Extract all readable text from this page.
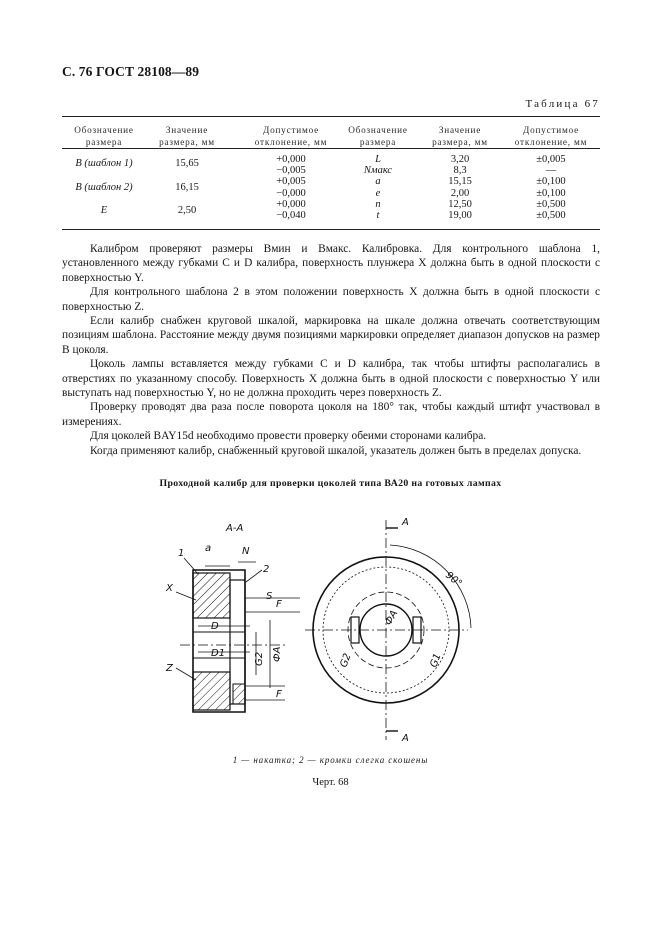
С. 76 ГОСТ 28108—89
Таблица 67
Обозначение размера
Значение размера, мм
Допустимое отклонение, мм
Обозначение размера
Значение размера, мм
Допустимое отклонение, мм
B (шаблон 1)
B (шаблон 2)
E
15,65
16,15
2,50
+0,000
−0,005
+0,005
−0,000
+0,000
−0,040
L
Nмакс
a
e
n
t
3,20
8,3
15,15
2,00
12,50
19,00
±0,005
—
±0,100
±0,100
±0,500
±0,500

Калибром проверяют размеры Bмин и Bмакс. Калибровка. Для контрольного шаблона 1, установленного между губками C и D калибра, поверхность плунжера X должна быть в одной плоскости с поверхностью Y.

Для контрольного шаблона 2 в этом положении поверхность X должна быть в одной плоскости с поверхностью Z.

Если калибр снабжен круговой шкалой, маркировка на шкале должна отвечать соответствующим позициям шаблона. Расстояние между двумя позициями маркировки определяет диапазон допусков на размер B цоколя.

Цоколь лампы вставляется между губками C и D калибра, так чтобы штифты располагались в отверстиях по указанному способу. Поверхность X должна быть в одной плоскости с поверхностью Y или выступать над поверхностью Y, но не должна проходить через поверхность Z.

Проверку проводят два раза после поворота цоколя на 180° так, чтобы каждый штифт участвовал в измерениях.

Для цоколей BAY15d необходимо провести проверку обеими сторонами калибра.

Когда применяют калибр, снабженный круговой шкалой, указатель должен быть в пределах допуска.

Проходной калибр для проверки цоколей типа ВА20 на готовых лампах
А-А
1 a	N
2
X
S
F
D
D1
Z
G2 ФA
F
A
A
90°
ФA
G2	G1
1 — накатка; 2 — кромки слегка скошены
Черт. 68
